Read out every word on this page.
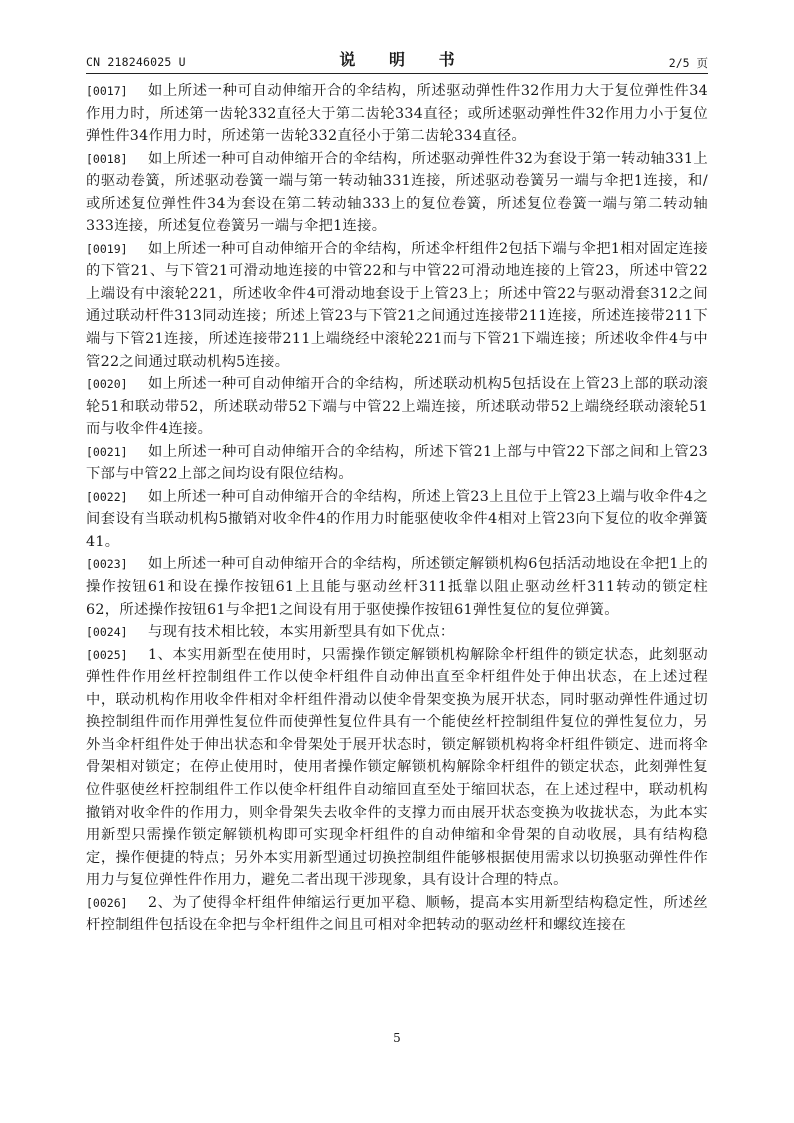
CN 218246025 U	说 明 书	2/5 页
[0017] 如上所述一种可自动伸缩开合的伞结构，所述驱动弹性件32作用力大于复位弹性件34作用力时，所述第一齿轮332直径大于第二齿轮334直径；或所述驱动弹性件32作用力小于复位弹性件34作用力时，所述第一齿轮332直径小于第二齿轮334直径。
[0018] 如上所述一种可自动伸缩开合的伞结构，所述驱动弹性件32为套设于第一转动轴331上的驱动卷簧，所述驱动卷簧一端与第一转动轴331连接，所述驱动卷簧另一端与伞把1连接，和/或所述复位弹性件34为套设在第二转动轴333上的复位卷簧，所述复位卷簧一端与第二转动轴333连接，所述复位卷簧另一端与伞把1连接。
[0019] 如上所述一种可自动伸缩开合的伞结构，所述伞杆组件2包括下端与伞把1相对固定连接的下管21、与下管21可滑动地连接的中管22和与中管22可滑动地连接的上管23，所述中管22上端设有中滚轮221，所述收伞件4可滑动地套设于上管23上；所述中管22与驱动滑套312之间通过联动杆件313同动连接；所述上管23与下管21之间通过连接带211连接，所述连接带211下端与下管21连接，所述连接带211上端绕经中滚轮221而与下管21下端连接；所述收伞件4与中管22之间通过联动机构5连接。
[0020] 如上所述一种可自动伸缩开合的伞结构，所述联动机构5包括设在上管23上部的联动滚轮51和联动带52，所述联动带52下端与中管22上端连接，所述联动带52上端绕经联动滚轮51而与收伞件4连接。
[0021] 如上所述一种可自动伸缩开合的伞结构，所述下管21上部与中管22下部之间和上管23下部与中管22上部之间均设有限位结构。
[0022] 如上所述一种可自动伸缩开合的伞结构，所述上管23上且位于上管23上端与收伞件4之间套设有当联动机构5撤销对收伞件4的作用力时能驱使收伞件4相对上管23向下复位的收伞弹簧41。
[0023] 如上所述一种可自动伸缩开合的伞结构，所述锁定解锁机构6包括活动地设在伞把1上的操作按钮61和设在操作按钮61上且能与驱动丝杆311抵靠以阻止驱动丝杆311转动的锁定柱62，所述操作按钮61与伞把1之间设有用于驱使操作按钮61弹性复位的复位弹簧。
[0024] 与现有技术相比较，本实用新型具有如下优点：
[0025] 1、本实用新型在使用时，只需操作锁定解锁机构解除伞杆组件的锁定状态，此刻驱动弹性件作用丝杆控制组件工作以使伞杆组件自动伸出直至伞杆组件处于伸出状态，在上述过程中，联动机构作用收伞件相对伞杆组件滑动以使伞骨架变换为展开状态，同时驱动弹性件通过切换控制组件而作用弹性复位件而使弹性复位件具有一个能使丝杆控制组件复位的弹性复位力，另外当伞杆组件处于伸出状态和伞骨架处于展开状态时，锁定解锁机构将伞杆组件锁定、进而将伞骨架相对锁定；在停止使用时，使用者操作锁定解锁机构解除伞杆组件的锁定状态，此刻弹性复位件驱使丝杆控制组件工作以使伞杆组件自动缩回直至处于缩回状态，在上述过程中，联动机构撤销对收伞件的作用力，则伞骨架失去收伞件的支撑力而由展开状态变换为收拢状态，为此本实用新型只需操作锁定解锁机构即可实现伞杆组件的自动伸缩和伞骨架的自动收展，具有结构稳定，操作便捷的特点；另外本实用新型通过切换控制组件能够根据使用需求以切换驱动弹性件作用力与复位弹性件作用力，避免二者出现干涉现象，具有设计合理的特点。
[0026] 2、为了使得伞杆组件伸缩运行更加平稳、顺畅，提高本实用新型结构稳定性，所述丝杆控制组件包括设在伞把与伞杆组件之间且可相对伞把转动的驱动丝杆和螺纹连接在
5
